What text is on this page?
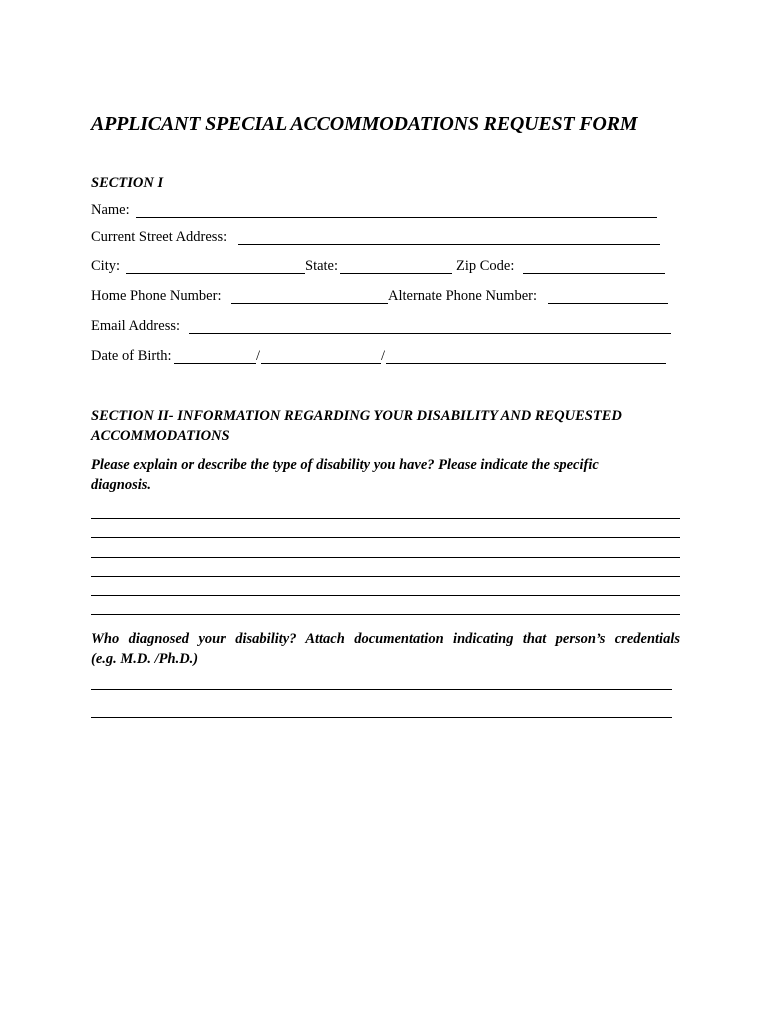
APPLICANT SPECIAL ACCOMMODATIONS REQUEST FORM
SECTION I
Name:
Current Street Address:
City:	State:	Zip Code:
Home Phone Number:	Alternate Phone Number:
Email Address:
Date of Birth:	/	/
SECTION II- INFORMATION REGARDING YOUR DISABILITY AND REQUESTED
ACCOMMODATIONS
Please explain or describe the type of disability you have? Please indicate the specific
diagnosis.
Who diagnosed your disability? Attach documentation indicating that person’s credentials
(e.g. M.D. /Ph.D.)
